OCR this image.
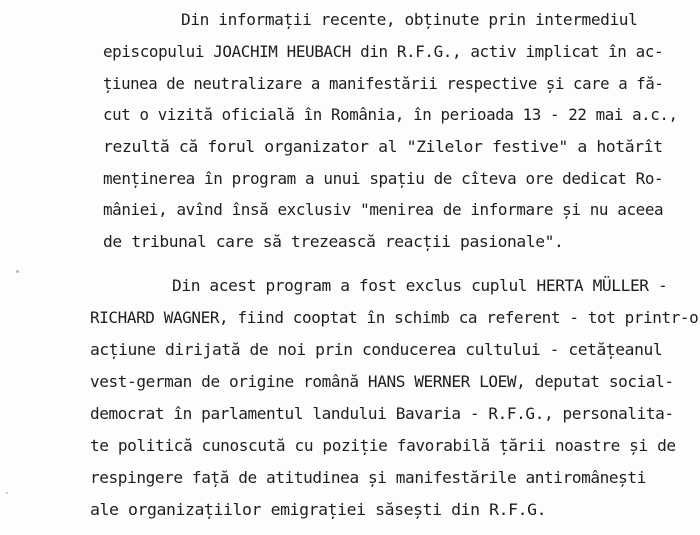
Din informații recente, obținute prin intermediul
episcopului JOACHIM HEUBACH din R.F.G., activ implicat în ac-
țiunea de neutralizare a manifestării respective și care a fă-
cut o vizită oficială în România, în perioada 13 - 22 mai a.c.,
rezultă că forul organizator al "Zilelor festive" a hotărît
menținerea în program a unui spațiu de cîteva ore dedicat Ro-
mâniei, avînd însă exclusiv "menirea de informare și nu aceea
de tribunal care să trezească reacții pasionale".
Din acest program a fost exclus cuplul HERTA MÜLLER -
RICHARD WAGNER, fiind cooptat în schimb ca referent - tot printr-o
acțiune dirijată de noi prin conducerea cultului - cetățeanul
vest-german de origine română HANS WERNER LOEW, deputat social-
democrat în parlamentul landului Bavaria - R.F.G., personalita-
te politică cunoscută cu poziție favorabilă țării noastre și de
respingere față de atitudinea și manifestările antiromânești
ale organizațiilor emigrației săsești din R.F.G.
